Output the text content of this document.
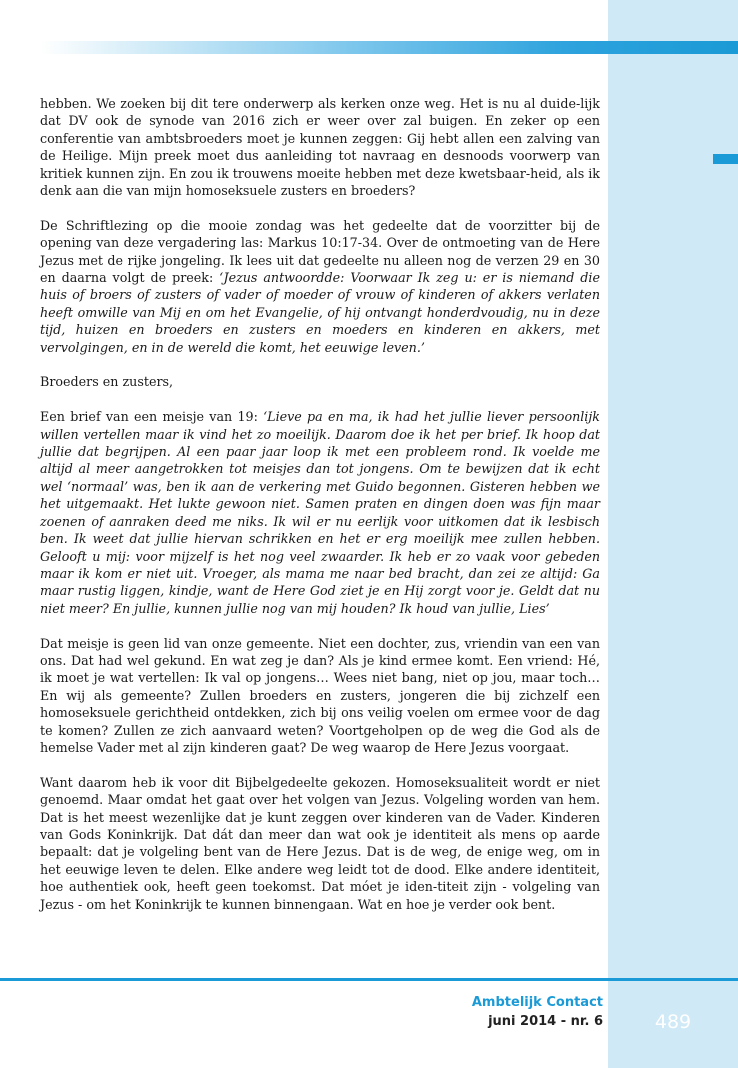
hebben. We zoeken bij dit tere onderwerp als kerken onze weg. Het is nu al duide-lijk dat DV ook de synode van 2016 zich er weer over zal buigen. En zeker op een conferentie van ambtsbroeders moet je kunnen zeggen: Gij hebt allen een zalving van de Heilige. Mijn preek moet dus aanleiding tot navraag en desnoods voorwerp van kritiek kunnen zijn. En zou ik trouwens moeite hebben met deze kwetsbaar-heid, als ik denk aan die van mijn homoseksuele zusters en broeders?

De Schriftlezing op die mooie zondag was het gedeelte dat de voorzitter bij de opening van deze vergadering las: Markus 10:17-34. Over de ontmoeting van de Here Jezus met de rijke jongeling. Ik lees uit dat gedeelte nu alleen nog de verzen 29 en 30 en daarna volgt de preek: ‘Jezus antwoordde: Voorwaar Ik zeg u: er is niemand die huis of broers of zusters of vader of moeder of vrouw of kinderen of akkers verlaten heeft omwille van Mij en om het Evangelie, of hij ontvangt honderdvoudig, nu in deze tijd, huizen en broeders en zusters en moeders en kinderen en akkers, met vervolgingen, en in de wereld die komt, het eeuwige leven.’

Broeders en zusters,

Een brief van een meisje van 19: ‘Lieve pa en ma, ik had het jullie liever persoonlijk willen vertellen maar ik vind het zo moeilijk. Daarom doe ik het per brief. Ik hoop dat jullie dat begrijpen. Al een paar jaar loop ik met een probleem rond. Ik voelde me altijd al meer aangetrokken tot meisjes dan tot jongens. Om te bewijzen dat ik echt wel ‘normaal’ was, ben ik aan de verkering met Guido begonnen. Gisteren hebben we het uitgemaakt. Het lukte gewoon niet. Samen praten en dingen doen was fijn maar zoenen of aanraken deed me niks. Ik wil er nu eerlijk voor uitkomen dat ik lesbisch ben. Ik weet dat jullie hiervan schrikken en het er erg moeilijk mee zullen hebben. Gelooft u mij: voor mijzelf is het nog veel zwaarder. Ik heb er zo vaak voor gebeden maar ik kom er niet uit. Vroeger, als mama me naar bed bracht, dan zei ze altijd: Ga maar rustig liggen, kindje, want de Here God ziet je en Hij zorgt voor je. Geldt dat nu niet meer? En jullie, kunnen jullie nog van mij houden? Ik houd van jullie, Lies’

Dat meisje is geen lid van onze gemeente. Niet een dochter, zus, vriendin van een van ons. Dat had wel gekund. En wat zeg je dan? Als je kind ermee komt. Een vriend: Hé, ik moet je wat vertellen: Ik val op jongens… Wees niet bang, niet op jou, maar toch… En wij als gemeente? Zullen broeders en zusters, jongeren die bij zichzelf een homoseksuele gerichtheid ontdekken, zich bij ons veilig voelen om ermee voor de dag te komen? Zullen ze zich aanvaard weten? Voortgeholpen op de weg die God als de hemelse Vader met al zijn kinderen gaat? De weg waarop de Here Jezus voorgaat.

Want daarom heb ik voor dit Bijbelgedeelte gekozen. Homoseksualiteit wordt er niet genoemd. Maar omdat het gaat over het volgen van Jezus. Volgeling worden van hem. Dat is het meest wezenlijke dat je kunt zeggen over kinderen van de Vader. Kinderen van Gods Koninkrijk. Dat dát dan meer dan wat ook je identiteit als mens op aarde bepaalt: dat je volgeling bent van de Here Jezus. Dat is de weg, de enige weg, om in het eeuwige leven te delen. Elke andere weg leidt tot de dood. Elke andere identiteit, hoe authentiek ook, heeft geen toekomst. Dat móet je iden-titeit zijn - volgeling van Jezus - om het Koninkrijk te kunnen binnengaan. Wat en hoe je verder ook bent.

Ambtelijk Contact
juni 2014 - nr. 6	489
